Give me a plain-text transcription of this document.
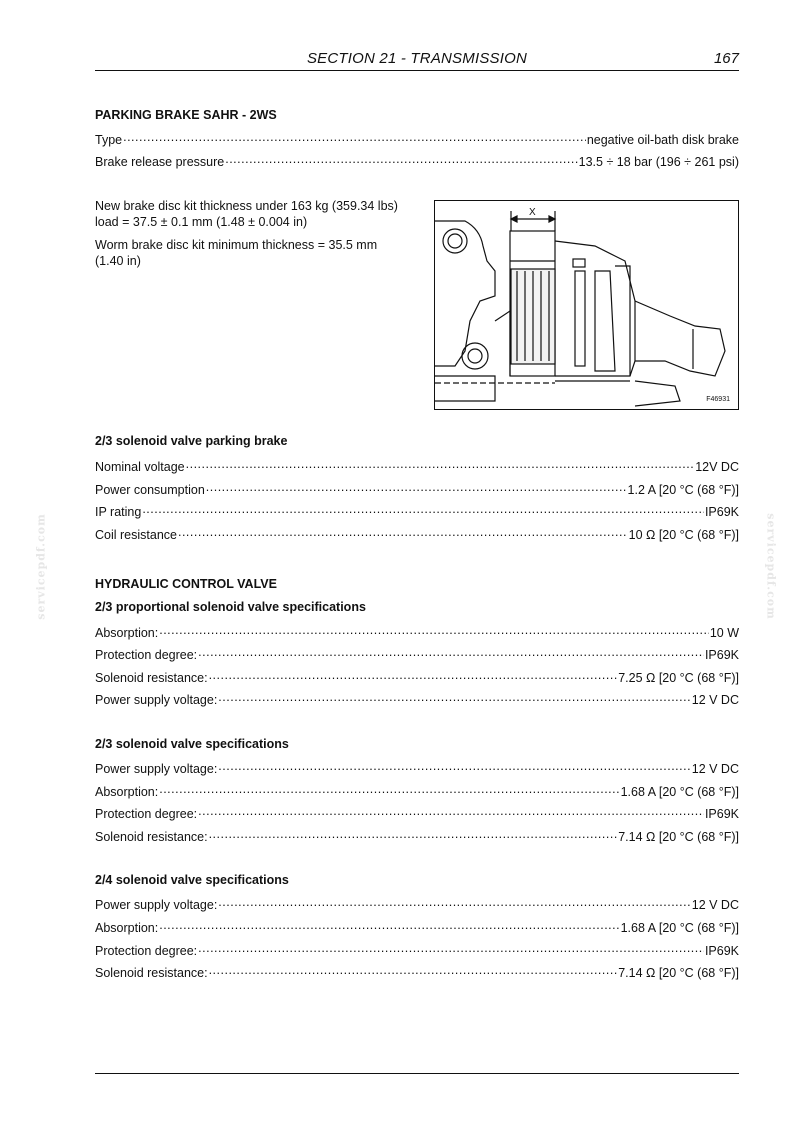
SECTION 21 - TRANSMISSION	167
PARKING BRAKE SAHR - 2WS
Type .....	negative oil-bath disk brake
Brake release pressure .....	13.5 ÷ 18 bar (196 ÷ 261 psi)
New brake disc kit thickness under 163 kg (359.34 lbs)
load = 37.5 ± 0.1 mm (1.48 ± 0.004 in)
Worm brake disc kit minimum thickness = 35.5 mm
(1.40 in)
X
F46931
2/3 solenoid valve parking brake
Nominal voltage .....	12V DC
Power consumption .....	1.2 A [20 °C (68 °F)]
IP rating .....	IP69K
Coil resistance .....	10 Ω [20 °C (68 °F)]
HYDRAULIC CONTROL VALVE
2/3 proportional solenoid valve specifications
Absorption: .....	10 W
Protection degree: .....	IP69K
Solenoid resistance: .....	7.25 Ω [20 °C (68 °F)]
Power supply voltage: .....	12 V DC
2/3 solenoid valve specifications
Power supply voltage: .....	12 V DC
Absorption: .....	1.68 A [20 °C (68 °F)]
Protection degree: .....	IP69K
Solenoid resistance: .....	7.14 Ω [20 °C (68 °F)]
2/4 solenoid valve specifications
Power supply voltage: .....	12 V DC
Absorption: .....	1.68 A [20 °C (68 °F)]
Protection degree: .....	IP69K
Solenoid resistance: .....	7.14 Ω [20 °C (68 °F)]
servicepdf.com	servicepdf.com
